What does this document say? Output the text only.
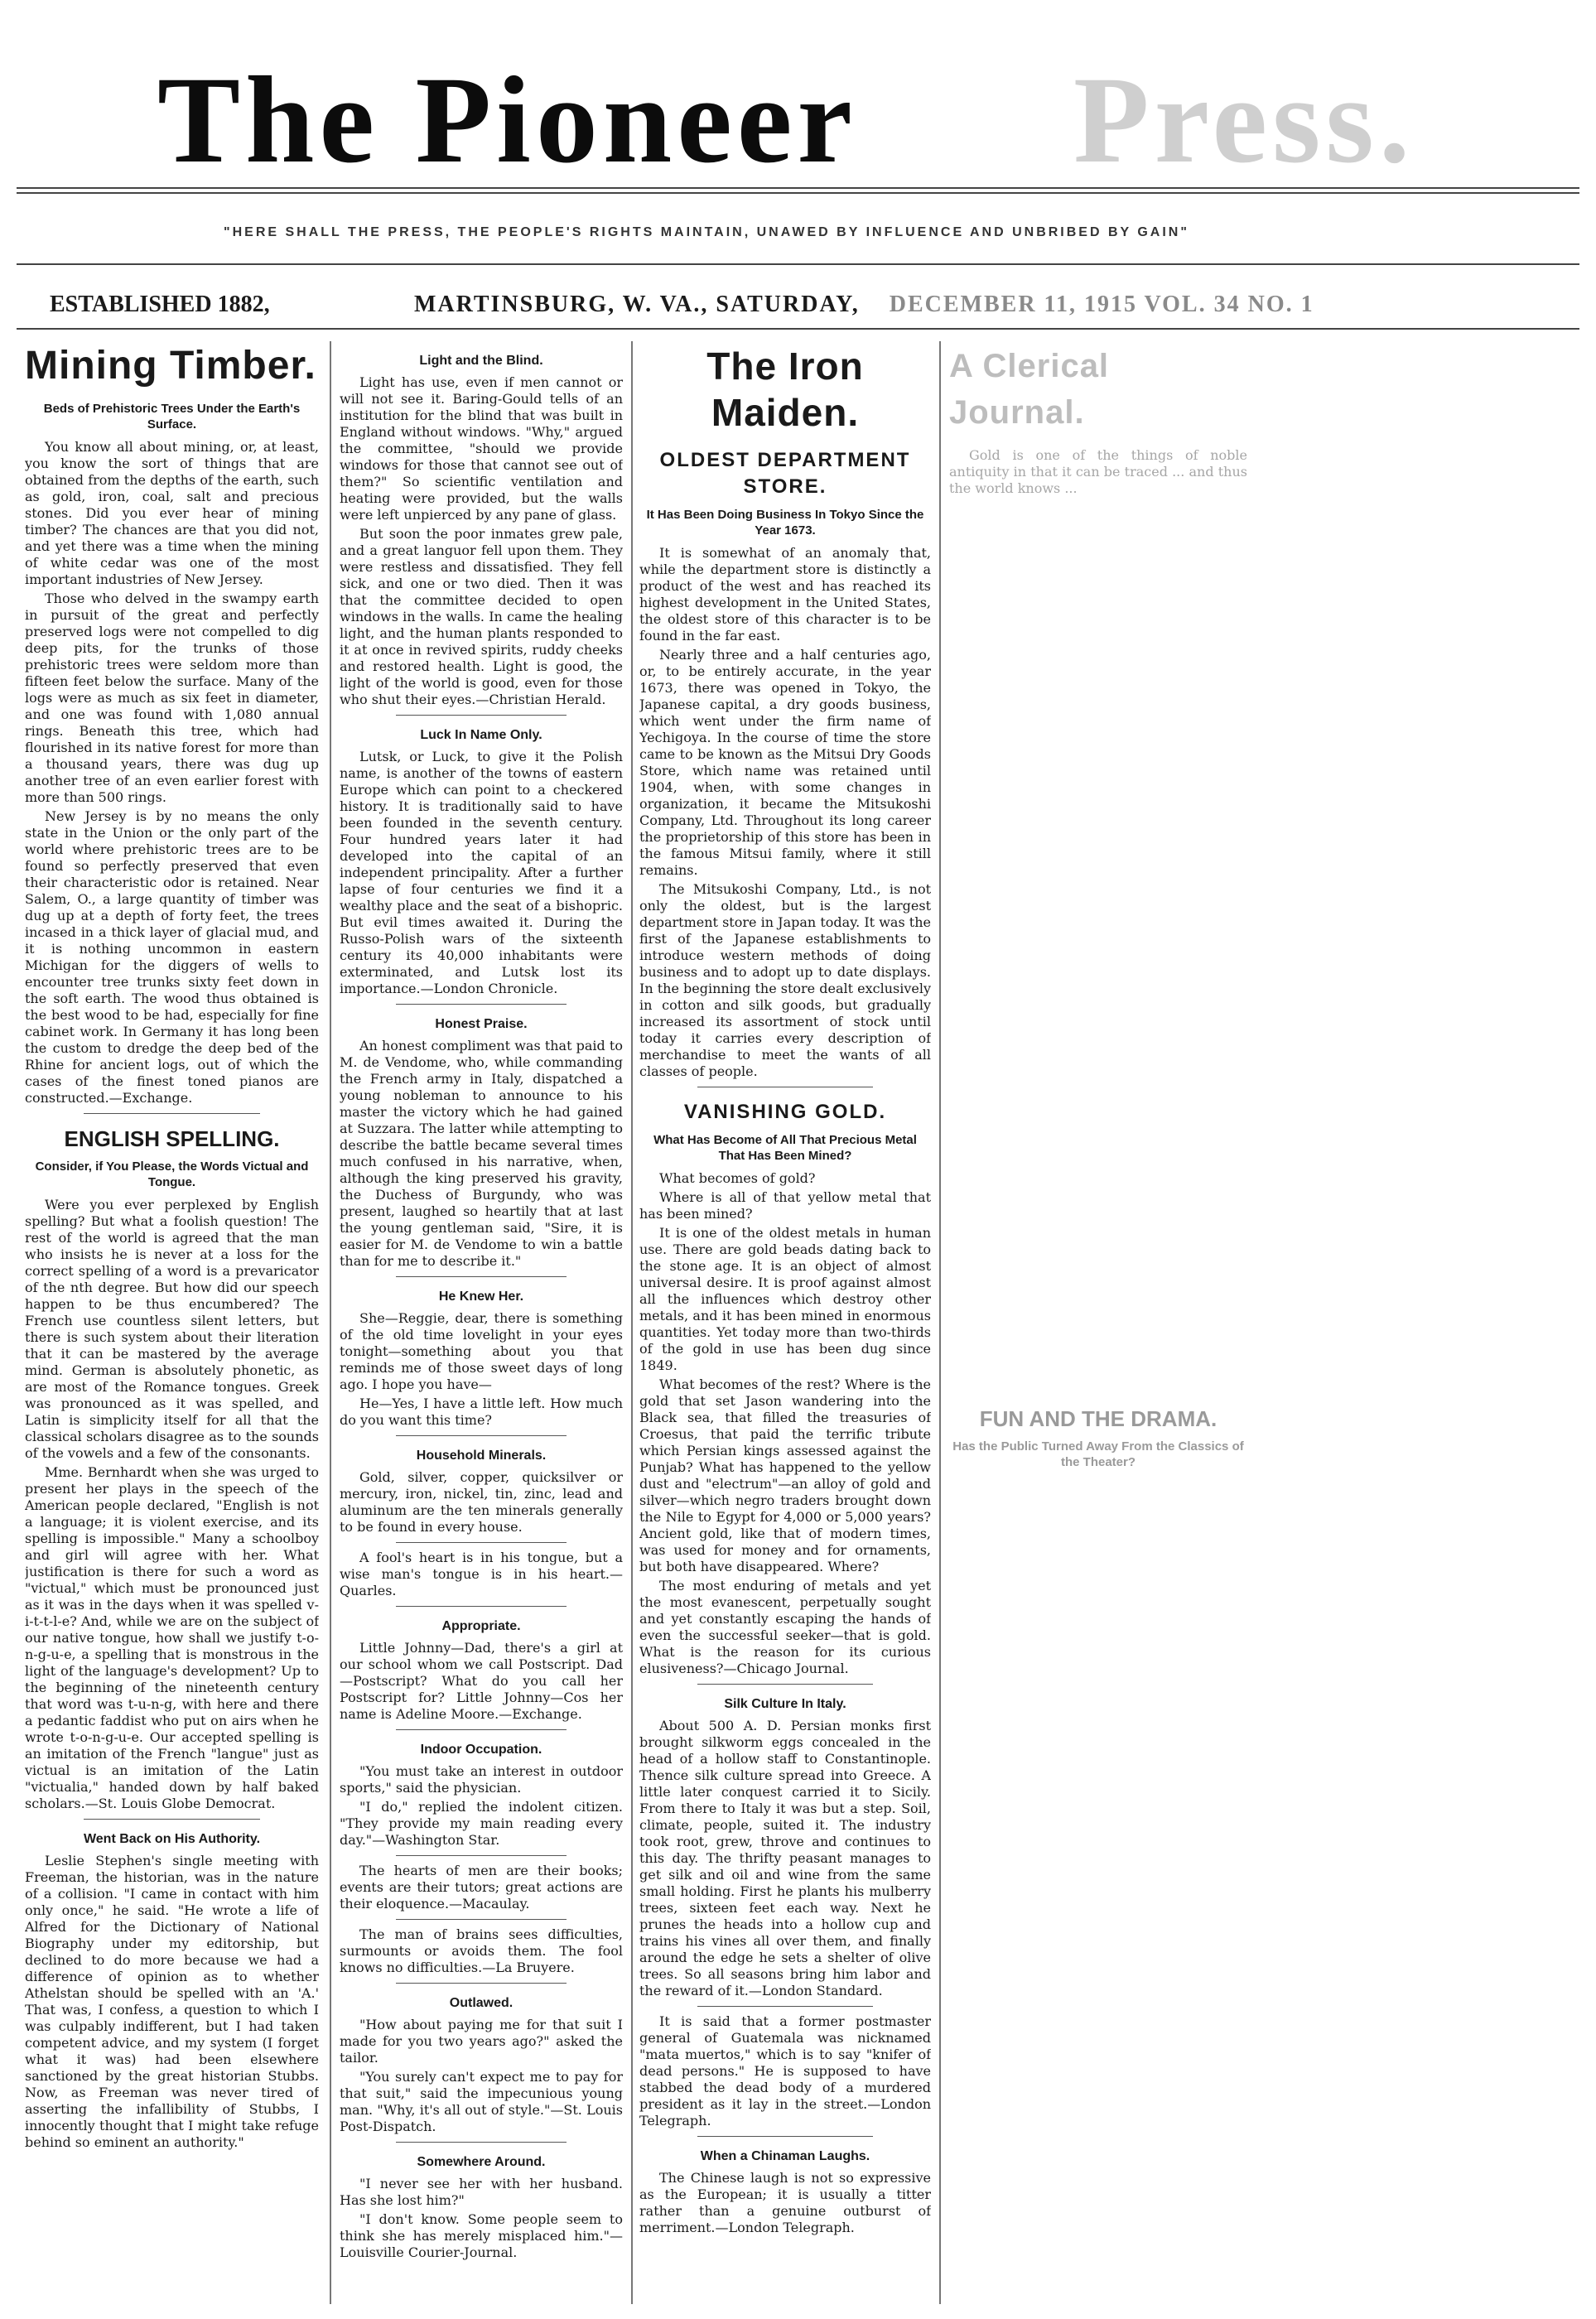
The Pioneer Press.
"HERE SHALL THE PRESS, THE PEOPLE'S RIGHTS MAINTAIN, UNAWED BY INFLUENCE AND UNBRIBED BY GAIN"
ESTABLISHED 1882,	MARTINSBURG, W. VA., SATURDAY, DECEMBER 11, 1915 VOL. 34 NO. 1
Mining Timber.
Beds of Prehistoric Trees Under the Earth's Surface.

You know all about mining, or, at least, you know the sort of things that are obtained from the depths of the earth, such as gold, iron, coal, salt and precious stones. Did you ever hear of mining timber? The chances are that you did not, and yet there was a time when the mining of white cedar was one of the most important industries of New Jersey.

Those who delved in the swampy earth in pursuit of the great and perfectly preserved logs were not compelled to dig deep pits, for the trunks of those prehistoric trees were seldom more than fifteen feet below the surface. Many of the logs were as much as six feet in diameter, and one was found with 1,080 annual rings. Beneath this tree, which had flourished in its native forest for more than a thousand years, there was dug up another tree of an even earlier forest with more than 500 rings.

New Jersey is by no means the only state in the Union or the only part of the world where prehistoric trees are to be found so perfectly preserved that even their characteristic odor is retained. Near Salem, O., a large quantity of timber was dug up at a depth of forty feet, the trees incased in a thick layer of glacial mud, and it is nothing uncommon in eastern Michigan for the diggers of wells to encounter tree trunks sixty feet down in the soft earth. The wood thus obtained is the best wood to be had, especially for fine cabinet work. In Germany it has long been the custom to dredge the deep bed of the Rhine for ancient logs, out of which the cases of the finest toned pianos are constructed.—Exchange.

ENGLISH SPELLING.
Consider, if You Please, the Words Victual and Tongue.

Were you ever perplexed by English spelling? But what a foolish question! The rest of the world is agreed that the man who insists he is never at a loss for the correct spelling of a word is a prevaricator of the nth degree. But how did our speech happen to be thus encumbered? The French use countless silent letters, but there is such system about their literation that it can be mastered by the average mind. German is absolutely phonetic, as are most of the Romance tongues. Greek was pronounced as it was spelled, and Latin is simplicity itself for all that the classical scholars disagree as to the sounds of the vowels and a few of the consonants.

Mme. Bernhardt when she was urged to present her plays in the speech of the American people declared, "English is not a language; it is violent exercise, and its spelling is impossible." Many a schoolboy and girl will agree with her. What justification is there for such a word as "victual," which must be pronounced just as it was in the days when it was spelled v-i-t-t-l-e? And, while we are on the subject of our native tongue, how shall we justify t-o-n-g-u-e, a spelling that is monstrous in the light of the language's development? Up to the beginning of the nineteenth century that word was t-u-n-g, with here and there a pedantic faddist who put on airs when he wrote t-o-n-g-u-e. Our accepted spelling is an imitation of the French "langue" just as victual is an imitation of the Latin "victualia," handed down by half baked scholars.—St. Louis Globe Democrat.

Went Back on His Authority.

Leslie Stephen's single meeting with Freeman, the historian, was in the nature of a collision. "I came in contact with him only once," he said. "He wrote a life of Alfred for the Dictionary of National Biography under my editorship, but declined to do more because we had a difference of opinion as to whether Athelstan should be spelled with an 'A.' That was, I confess, a question to which I was culpably indifferent, but I had taken competent advice, and my system (I forget what it was) had been elsewhere sanctioned by the great historian Stubbs. Now, as Freeman was never tired of asserting the infallibility of Stubbs, I innocently thought that I might take refuge behind so eminent an authority."

Light and the Blind.

Light has use, even if men cannot or will not see it. Baring-Gould tells of an institution for the blind that was built in England without windows. "Why," argued the committee, "should we provide windows for those that cannot see out of them?" So scientific ventilation and heating were provided, but the walls were left unpierced by any pane of glass.

But soon the poor inmates grew pale, and a great languor fell upon them. They were restless and dissatisfied. They fell sick, and one or two died. Then it was that the committee decided to open windows in the walls. In came the healing light, and the human plants responded to it at once in revived spirits, ruddy cheeks and restored health. Light is good, the light of the world is good, even for those who shut their eyes.—Christian Herald.

Luck In Name Only.

Lutsk, or Luck, to give it the Polish name, is another of the towns of eastern Europe which can point to a checkered history. It is traditionally said to have been founded in the seventh century. Four hundred years later it had developed into the capital of an independent principality. After a further lapse of four centuries we find it a wealthy place and the seat of a bishopric. But evil times awaited it. During the Russo-Polish wars of the sixteenth century its 40,000 inhabitants were exterminated, and Lutsk lost its importance.—London Chronicle.

Honest Praise.

An honest compliment was that paid to M. de Vendome, who, while commanding the French army in Italy, dispatched a young nobleman to announce to his master the victory which he had gained at Suzzara. The latter while attempting to describe the battle became several times much confused in his narrative, when, although the king preserved his gravity, the Duchess of Burgundy, who was present, laughed so heartily that at last the young gentleman said, "Sire, it is easier for M. de Vendome to win a battle than for me to describe it."

He Knew Her.

She—Reggie, dear, there is something of the old time lovelight in your eyes tonight—something about you that reminds me of those sweet days of long ago. I hope you have—

He—Yes, I have a little left. How much do you want this time?

Household Minerals.

Gold, silver, copper, quicksilver or mercury, iron, nickel, tin, zinc, lead and aluminum are the ten minerals generally to be found in every house.

A fool's heart is in his tongue, but a wise man's tongue is in his heart.—Quarles.

Appropriate.

Little Johnny—Dad, there's a girl at our school whom we call Postscript. Dad—Postscript? What do you call her Postscript for? Little Johnny—Cos her name is Adeline Moore.—Exchange.

Indoor Occupation.

"You must take an interest in outdoor sports," said the physician.

"I do," replied the indolent citizen. "They provide my main reading every day."—Washington Star.

The hearts of men are their books; events are their tutors; great actions are their eloquence.—Macaulay.

The man of brains sees difficulties, surmounts or avoids them. The fool knows no difficulties.—La Bruyere.

Outlawed.

"How about paying me for that suit I made for you two years ago?" asked the tailor.

"You surely can't expect me to pay for that suit," said the impecunious young man. "Why, it's all out of style."—St. Louis Post-Dispatch.

Somewhere Around.

"I never see her with her husband. Has she lost him?"

"I don't know. Some people seem to think she has merely misplaced him."—Louisville Courier-Journal.

The Iron Maiden.
OLDEST DEPARTMENT STORE.
It Has Been Doing Business In Tokyo Since the Year 1673.

It is somewhat of an anomaly that, while the department store is distinctly a product of the west and has reached its highest development in the United States, the oldest store of this character is to be found in the far east.

Nearly three and a half centuries ago, or, to be entirely accurate, in the year 1673, there was opened in Tokyo, the Japanese capital, a dry goods business, which went under the firm name of Yechigoya. In the course of time the store came to be known as the Mitsui Dry Goods Store, which name was retained until 1904, when, with some changes in organization, it became the Mitsukoshi Company, Ltd. Throughout its long career the proprietorship of this store has been in the famous Mitsui family, where it still remains.

The Mitsukoshi Company, Ltd., is not only the oldest, but is the largest department store in Japan today. It was the first of the Japanese establishments to introduce western methods of doing business and to adopt up to date displays. In the beginning the store dealt exclusively in cotton and silk goods, but gradually increased its assortment of stock until today it carries every description of merchandise to meet the wants of all classes of people.

VANISHING GOLD.
What Has Become of All That Precious Metal That Has Been Mined?

What becomes of gold?

Where is all of that yellow metal that has been mined?

It is one of the oldest metals in human use. There are gold beads dating back to the stone age. It is an object of almost universal desire. It is proof against almost all the influences which destroy other metals, and it has been mined in enormous quantities. Yet today more than two-thirds of the gold in use has been dug since 1849.

What becomes of the rest? Where is the gold that set Jason wandering into the Black sea, that filled the treasuries of Croesus, that paid the terrific tribute which Persian kings assessed against the Punjab? What has happened to the yellow dust and "electrum"—an alloy of gold and silver—which negro traders brought down the Nile to Egypt for 4,000 or 5,000 years? Ancient gold, like that of modern times, was used for money and for ornaments, but both have disappeared. Where?

The most enduring of metals and yet the most evanescent, perpetually sought and yet constantly escaping the hands of even the successful seeker—that is gold. What is the reason for its curious elusiveness?—Chicago Journal.

Silk Culture In Italy.

About 500 A. D. Persian monks first brought silkworm eggs concealed in the head of a hollow staff to Constantinople. Thence silk culture spread into Greece. A little later conquest carried it to Sicily. From there to Italy it was but a step. Soil, climate, people, suited it. The industry took root, grew, throve and continues to this day. The thrifty peasant manages to get silk and oil and wine from the same small holding. First he plants his mulberry trees, sixteen feet each way. Next he prunes the heads into a hollow cup and trains his vines all over them, and finally around the edge he sets a shelter of olive trees. So all seasons bring him labor and the reward of it.—London Standard.

It is said that a former postmaster general of Guatemala was nicknamed "mata muertos," which is to say "knifer of dead persons." He is supposed to have stabbed the dead body of a murdered president as it lay in the street.—London Telegraph.

When a Chinaman Laughs.

The Chinese laugh is not so expressive as the European; it is usually a titter rather than a genuine outburst of merriment.—London Telegraph.

A Clerical Journal.

Gold is one of the things of noble antiquity in that it can be traced ... and thus the world knows ...

FUN AND THE DRAMA.
Has the Public Turned Away From the Classics of the Theater?
